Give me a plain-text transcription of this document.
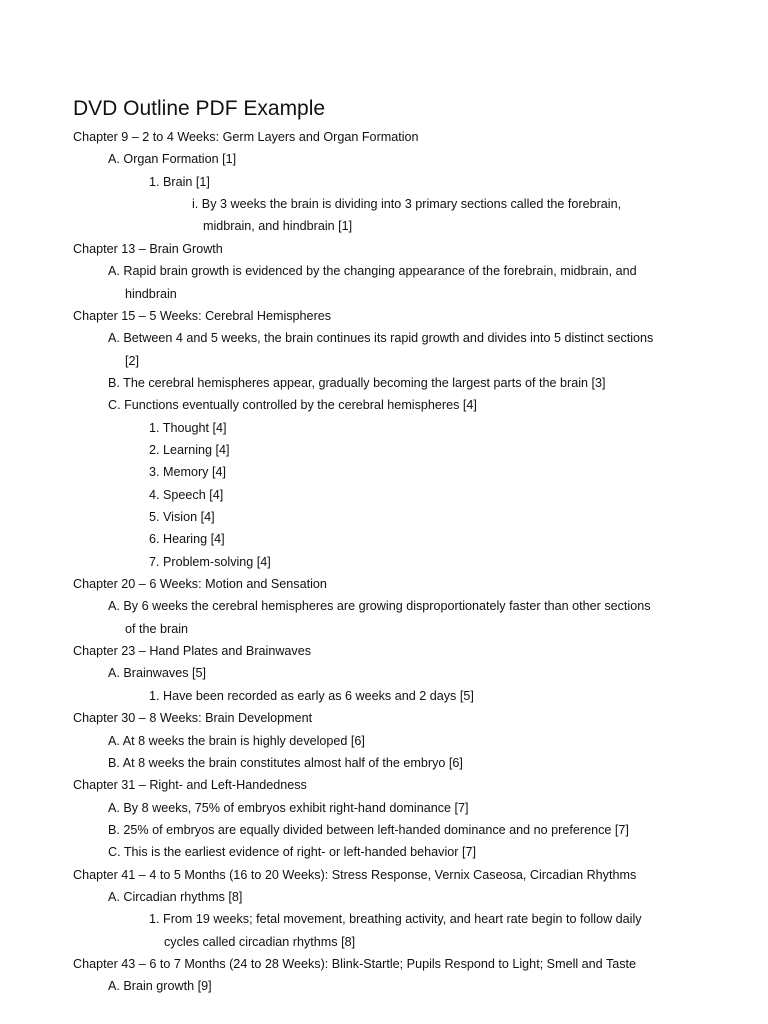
DVD Outline PDF Example
Chapter 9 – 2 to 4 Weeks: Germ Layers and Organ Formation
A. Organ Formation [1]
1. Brain [1]
i. By 3 weeks the brain is dividing into 3 primary sections called the forebrain,
midbrain, and hindbrain [1]
Chapter 13 – Brain Growth
A. Rapid brain growth is evidenced by the changing appearance of the forebrain, midbrain, and
hindbrain
Chapter 15 – 5 Weeks: Cerebral Hemispheres
A. Between 4 and 5 weeks, the brain continues its rapid growth and divides into 5 distinct sections
[2]
B. The cerebral hemispheres appear, gradually becoming the largest parts of the brain [3]
C. Functions eventually controlled by the cerebral hemispheres [4]
1. Thought [4]
2. Learning [4]
3. Memory [4]
4. Speech [4]
5. Vision [4]
6. Hearing [4]
7. Problem-solving [4]
Chapter 20 – 6 Weeks: Motion and Sensation
A. By 6 weeks the cerebral hemispheres are growing disproportionately faster than other sections
of the brain
Chapter 23 – Hand Plates and Brainwaves
A. Brainwaves [5]
1. Have been recorded as early as 6 weeks and 2 days [5]
Chapter 30 – 8 Weeks: Brain Development
A. At 8 weeks the brain is highly developed [6]
B. At 8 weeks the brain constitutes almost half of the embryo [6]
Chapter 31 – Right- and Left-Handedness
A. By 8 weeks, 75% of embryos exhibit right-hand dominance [7]
B. 25% of embryos are equally divided between left-handed dominance and no preference [7]
C. This is the earliest evidence of right- or left-handed behavior [7]
Chapter 41 – 4 to 5 Months (16 to 20 Weeks): Stress Response, Vernix Caseosa, Circadian Rhythms
A. Circadian rhythms [8]
1. From 19 weeks; fetal movement, breathing activity, and heart rate begin to follow daily
cycles called circadian rhythms [8]
Chapter 43 – 6 to 7 Months (24 to 28 Weeks): Blink-Startle; Pupils Respond to Light; Smell and Taste
A. Brain growth [9]
